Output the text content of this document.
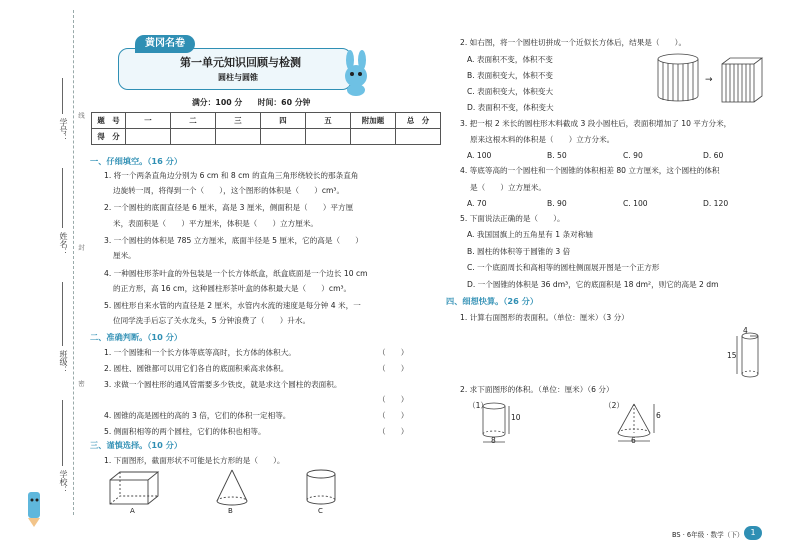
学号：
姓名：
班级：
学校：
线
封
密
黄冈名卷
第一单元知识回顾与检测
圆柱与圆锥
满分：100 分　　时间：60 分钟
题　号	一	二	三	四	五	附加题	总　分
得　分							
一、仔细填空。（16 分）
1. 将一个两条直角边分别为 6 cm 和 8 cm 的直角三角形绕较长的那条直角
边旋转一周，将得到一个（　　），这个图形的体积是（　　）cm³。
2. 一个圆柱的底面直径是 6 厘米，高是 3 厘米，侧面积是（　　）平方厘
米，表面积是（　　）平方厘米，体积是（　　）立方厘米。
3. 一个圆柱的体积是 785 立方厘米，底面半径是 5 厘米，它的高是（　　）
厘米。
4. 一种圆柱形茶叶盒的外包装是一个长方体纸盒，纸盒底面是一个边长 10 cm
的正方形，高 16 cm，这种圆柱形茶叶盒的体积最大是（　　）cm³。
5. 圆柱形自来水管的内直径是 2 厘米，水管内水流的速度是每分钟 4 米，一
位同学洗手后忘了关水龙头，5 分钟浪费了（　　）升水。
二、准确判断。（10 分）
1. 一个圆锥和一个长方体等底等高时，长方体的体积大。	（　　）
2. 圆柱、圆锥都可以用它们各自的底面积乘高求体积。	（　　）
3. 求做一个圆柱形的通风管需要多少铁皮，就是求这个圆柱的表面积。
（　　）
4. 圆锥的高是圆柱的高的 3 倍，它们的体积一定相等。	（　　）
5. 侧面积相等的两个圆柱，它们的体积也相等。	（　　）
三、谨慎选择。（10 分）
1. 下面图形，截面形状不可能是长方形的是（　　）。
A	B	C
2. 如右图，将一个圆柱切拼成一个近似长方体后，结果是（　　）。
A. 表面积不变，体积不变
B. 表面积变大，体积不变
C. 表面积变大，体积变大
D. 表面积不变，体积变大
→
3. 把一根 2 米长的圆柱形木料截成 3 段小圆柱后，表面积增加了 10 平方分米，
原来这根木料的体积是（　　）立方分米。
A. 100	B. 50	C. 90	D. 60
4. 等底等高的一个圆柱和一个圆锥的体积相差 80 立方厘米，这个圆柱的体积
是（　　）立方厘米。
A. 70	B. 90	C. 100	D. 120
5. 下面说法正确的是（　　）。
A. 我国国旗上的五角星有 1 条对称轴
B. 圆柱的体积等于圆锥的 3 倍
C. 一个底面周长和高相等的圆柱侧面展开图是一个正方形
D. 一个圆锥的体积是 36 dm³，它的底面积是 18 dm²，则它的高是 2 dm
四、细想快算。（26 分）
1. 计算右面图形的表面积。（单位：厘米）（3 分）
4
15
2. 求下面图形的体积。（单位：厘米）（6 分）
（1）
10
8
（2）
6
6
BS · 6年级 · 数学（下） 1
